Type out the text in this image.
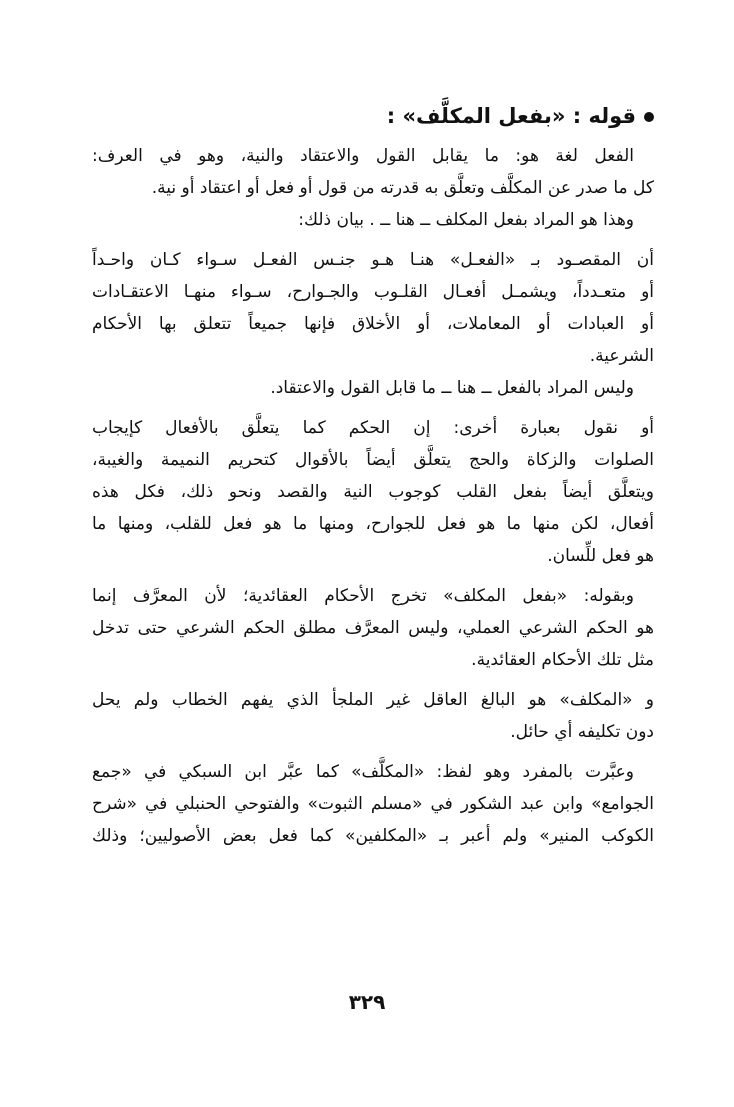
قوله : «بفعل المكلَّف» :
الفعل لغة هو: ما يقابل القول والاعتقاد والنية، وهو في العرف:
كل ما صدر عن المكلَّف وتعلَّق به قدرته من قول أو فعل أو اعتقاد أو نية.
وهذا هو المراد بفعل المكلف ــ هنا ــ . بيان ذلك:
أن المقصـود بـ «الفعـل» هنـا هـو جنـس الفعـل سـواء كـان واحـداً
أو متعـدداً، ويشمـل أفعـال القلـوب والجـوارح، سـواء منهـا الاعتقـادات
أو العبادات أو المعاملات، أو الأخلاق فإنها جميعاً تتعلق بها الأحكام
الشرعية.
وليس المراد بالفعل ــ هنا ــ ما قابل القول والاعتقاد.
أو نقول بعبارة أخرى: إن الحكم كما يتعلَّق بالأفعال كإيجاب
الصلوات والزكاة والحج يتعلَّق أيضاً بالأقوال كتحريم النميمة والغيبة،
ويتعلَّق أيضاً بفعل القلب كوجوب النية والقصد ونحو ذلك، فكل هذه
أفعال، لكن منها ما هو فعل للجوارح، ومنها ما هو فعل للقلب، ومنها ما
هو فعل للِّسان.
وبقوله: «بفعل المكلف» تخرج الأحكام العقائدية؛ لأن المعرَّف إنما
هو الحكم الشرعي العملي، وليس المعرَّف مطلق الحكم الشرعي حتى تدخل
مثل تلك الأحكام العقائدية.
و «المكلف» هو البالغ العاقل غير الملجأ الذي يفهم الخطاب ولم يحل
دون تكليفه أي حائل.
وعبَّرت بالمفرد وهو لفظ: «المكلَّف» كما عبَّر ابن السبكي في «جمع
الجوامع» وابن عبد الشكور في «مسلم الثبوت» والفتوحي الحنبلي في «شرح
الكوكب المنير» ولم أعبر بـ «المكلفين» كما فعل بعض الأصوليين؛ وذلك
٣٢٩
